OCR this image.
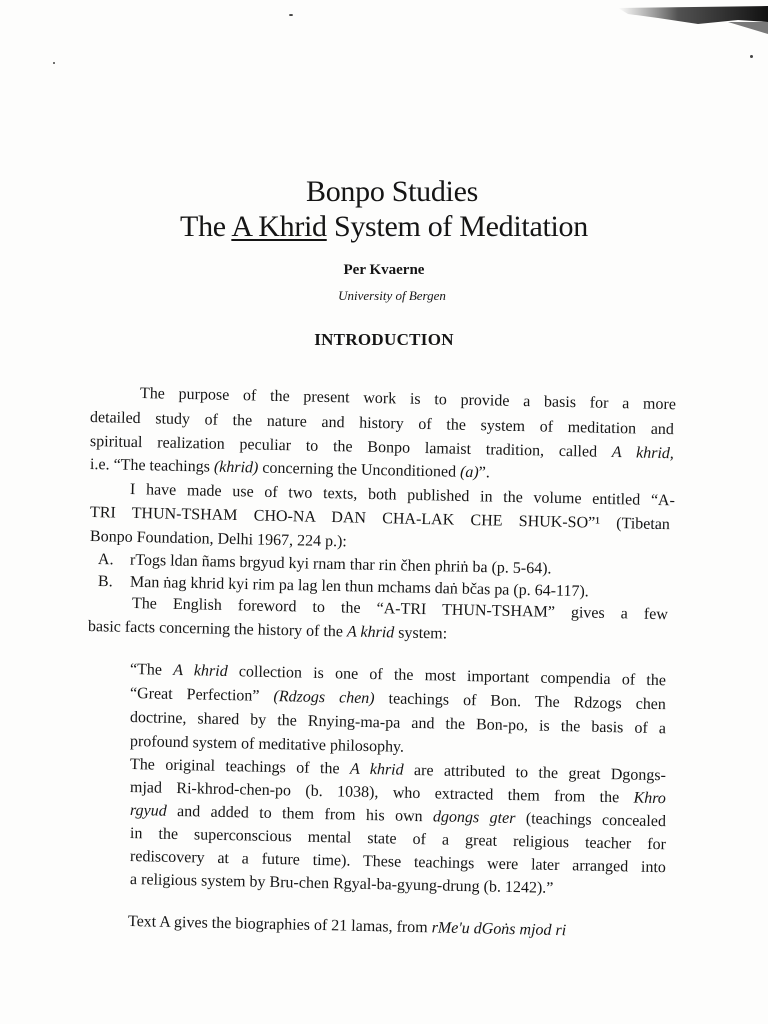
Bonpo Studies
The A Khrid System of Meditation
Per Kvaerne
University of Bergen
INTRODUCTION
The purpose of the present work is to provide a basis for a more
detailed study of the nature and history of the system of meditation and
spiritual realization peculiar to the Bonpo lamaist tradition, called A khrid,
i.e. “The teachings (khrid) concerning the Unconditioned (a)”.
I have made use of two texts, both published in the volume entitled “A-
TRI THUN-TSHAM CHO-NA DAN CHA-LAK CHE SHUK-SO”¹ (Tibetan
Bonpo Foundation, Delhi 1967, 224 p.):
A. rTogs ldan ñams brgyud kyi rnam thar rin čhen phriṅ ba (p. 5-64).
B. Man ṅag khrid kyi rim pa lag len thun mchams daṅ bčas pa (p. 64-117).
The English foreword to the “A-TRI THUN-TSHAM” gives a few
basic facts concerning the history of the A khrid system:
“The A khrid collection is one of the most important compendia of the
“Great Perfection” (Rdzogs chen) teachings of Bon. The Rdzogs chen
doctrine, shared by the Rnying-ma-pa and the Bon-po, is the basis of a
profound system of meditative philosophy.
The original teachings of the A khrid are attributed to the great Dgongs-
mjad Ri-khrod-chen-po (b. 1038), who extracted them from the Khro
rgyud and added to them from his own dgongs gter (teachings concealed
in the superconscious mental state of a great religious teacher for
rediscovery at a future time). These teachings were later arranged into
a religious system by Bru-chen Rgyal-ba-gyung-drung (b. 1242).”
Text A gives the biographies of 21 lamas, from rMe'u dGoṅs mjod ri
